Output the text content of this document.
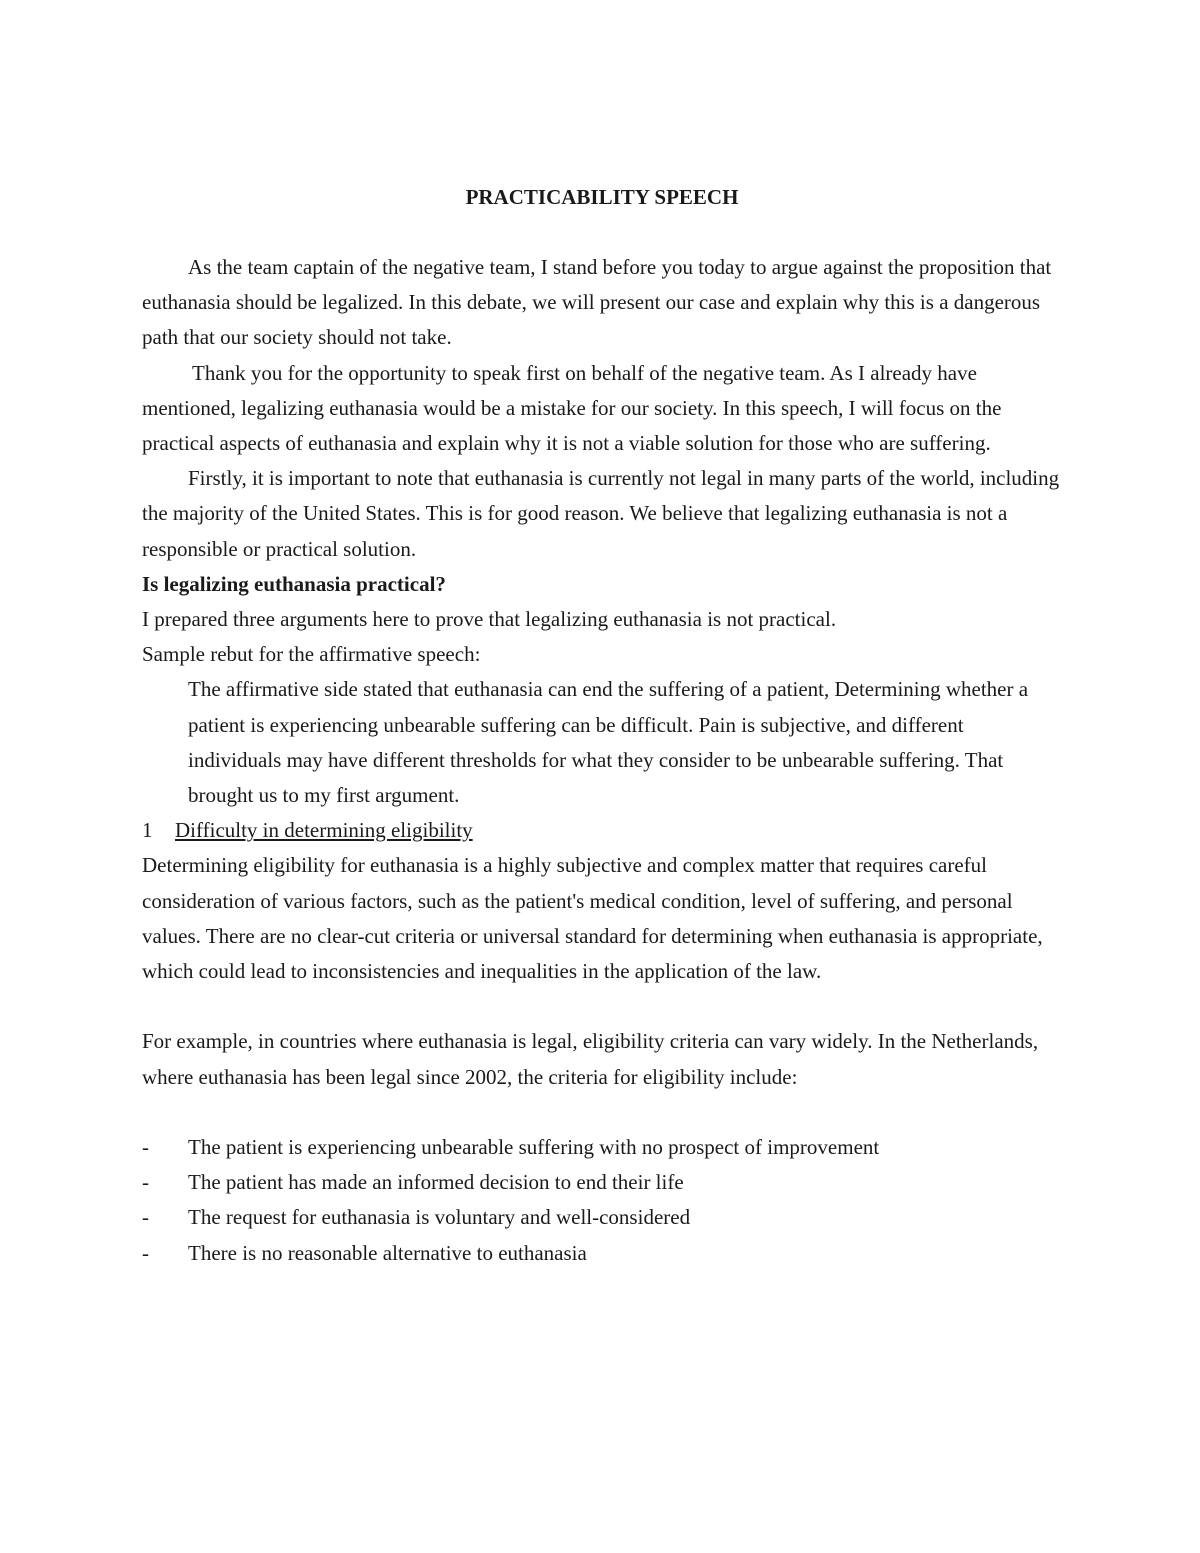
PRACTICABILITY SPEECH

As the team captain of the negative team, I stand before you today to argue against the proposition that euthanasia should be legalized. In this debate, we will present our case and explain why this is a dangerous path that our society should not take.

Thank you for the opportunity to speak first on behalf of the negative team. As I already have mentioned, legalizing euthanasia would be a mistake for our society. In this speech, I will focus on the practical aspects of euthanasia and explain why it is not a viable solution for those who are suffering.

Firstly, it is important to note that euthanasia is currently not legal in many parts of the world, including the majority of the United States. This is for good reason. We believe that legalizing euthanasia is not a responsible or practical solution.

Is legalizing euthanasia practical?

I prepared three arguments here to prove that legalizing euthanasia is not practical.

Sample rebut for the affirmative speech:

The affirmative side stated that euthanasia can end the suffering of a patient, Determining whether a patient is experiencing unbearable suffering can be difficult. Pain is subjective, and different individuals may have different thresholds for what they consider to be unbearable suffering. That brought us to my first argument.

1	Difficulty in determining eligibility

Determining eligibility for euthanasia is a highly subjective and complex matter that requires careful consideration of various factors, such as the patient's medical condition, level of suffering, and personal values. There are no clear-cut criteria or universal standard for determining when euthanasia is appropriate, which could lead to inconsistencies and inequalities in the application of the law.

For example, in countries where euthanasia is legal, eligibility criteria can vary widely. In the Netherlands, where euthanasia has been legal since 2002, the criteria for eligibility include:

-	The patient is experiencing unbearable suffering with no prospect of improvement
-	The patient has made an informed decision to end their life
-	The request for euthanasia is voluntary and well-considered
-	There is no reasonable alternative to euthanasia
